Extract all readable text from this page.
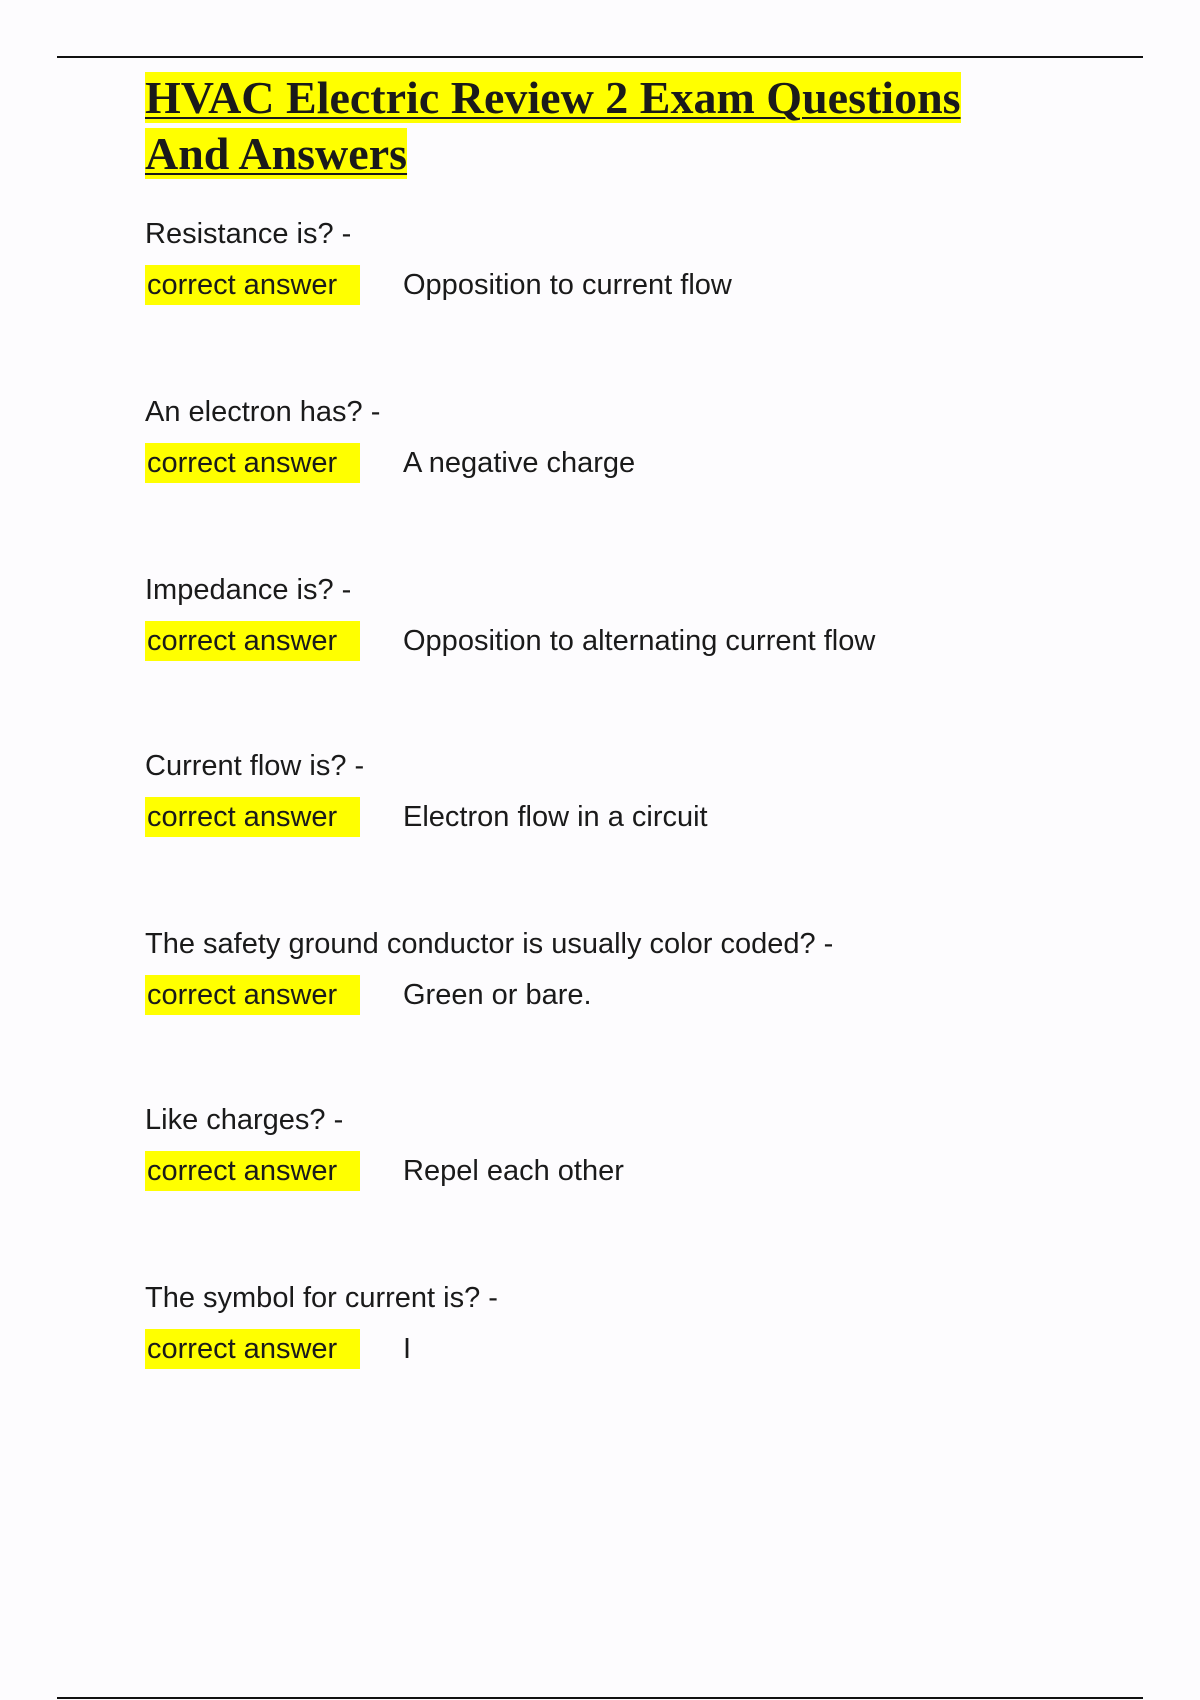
HVAC Electric Review 2 Exam Questions And Answers
Resistance is? -
correct answer	Opposition to current flow
An electron has? -
correct answer	A negative charge
Impedance is? -
correct answer	Opposition to alternating current flow
Current flow is? -
correct answer	Electron flow in a circuit
The safety ground conductor is usually color coded? -
correct answer	Green or bare.
Like charges? -
correct answer	Repel each other
The symbol for current is? -
correct answer	I
